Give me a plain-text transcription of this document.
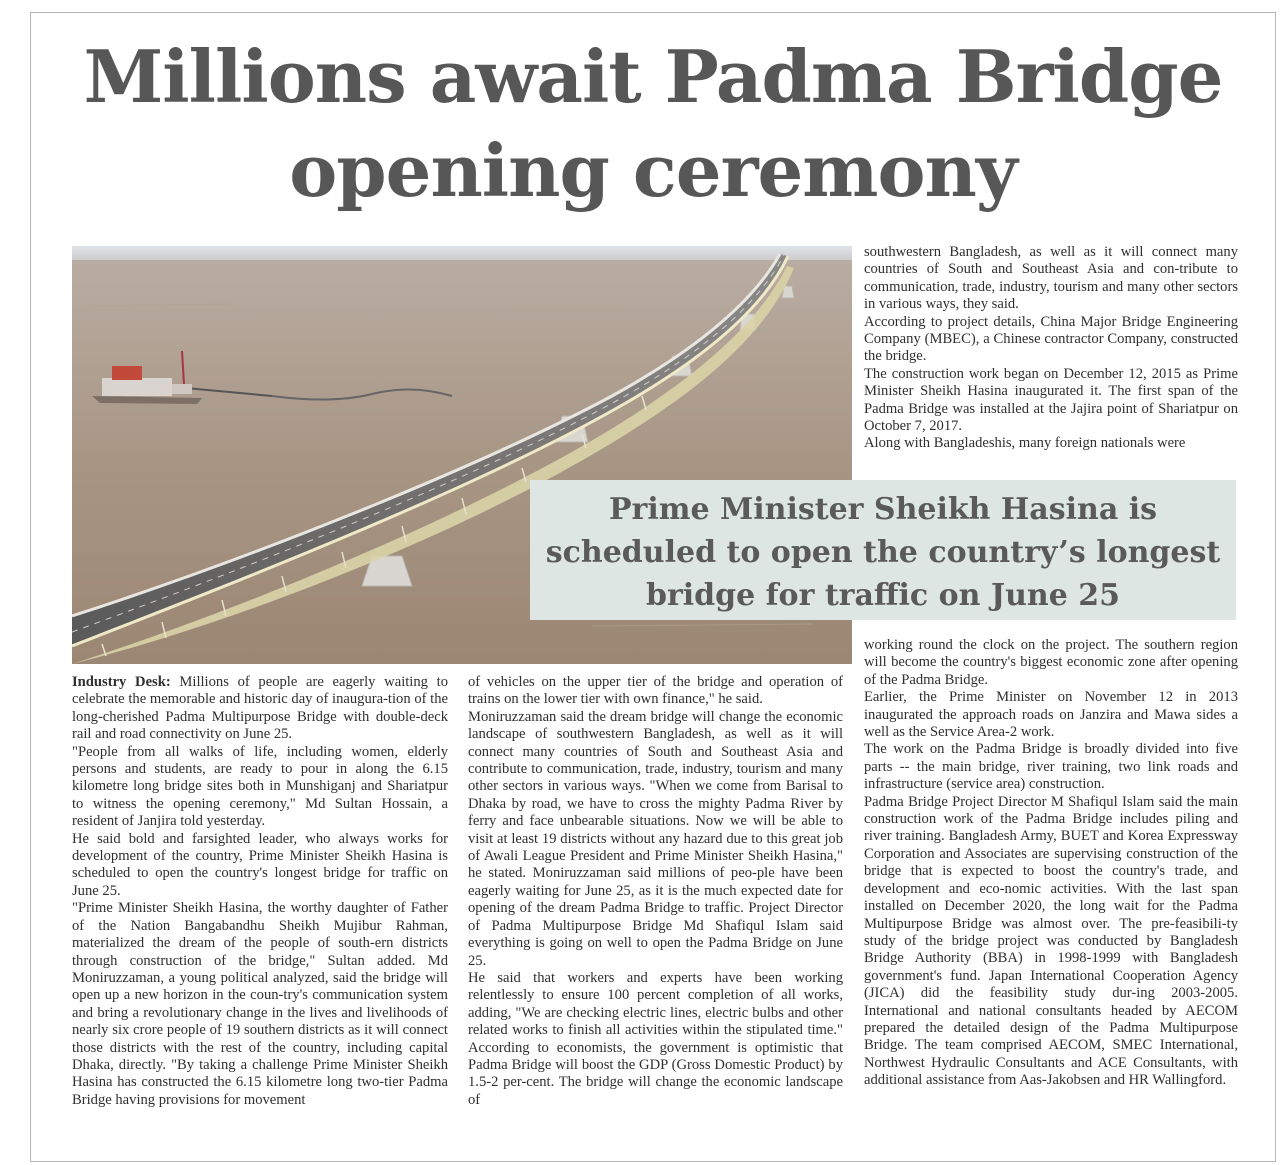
Millions await Padma Bridge opening ceremony
Prime Minister Sheikh Hasina is scheduled to open the country’s longest bridge for traffic on June 25

Industry Desk: Millions of people are eagerly waiting to celebrate the memorable and historic day of inaugura-tion of the long-cherished Padma Multipurpose Bridge with double-deck rail and road connectivity on June 25.

"People from all walks of life, including women, elderly persons and students, are ready to pour in along the 6.15 kilometre long bridge sites both in Munshiganj and Shariatpur to witness the opening ceremony," Md Sultan Hossain, a resident of Janjira told yesterday.

He said bold and farsighted leader, who always works for development of the country, Prime Minister Sheikh Hasina is scheduled to open the country's longest bridge for traffic on June 25.

"Prime Minister Sheikh Hasina, the worthy daughter of Father of the Nation Bangabandhu Sheikh Mujibur Rahman, materialized the dream of the people of south-ern districts through construction of the bridge," Sultan added. Md Moniruzzaman, a young political analyzed, said the bridge will open up a new horizon in the coun-try's communication system and bring a revolutionary change in the lives and livelihoods of nearly six crore people of 19 southern districts as it will connect those districts with the rest of the country, including capital Dhaka, directly. "By taking a challenge Prime Minister Sheikh Hasina has constructed the 6.15 kilometre long two-tier Padma Bridge having provisions for movement

of vehicles on the upper tier of the bridge and operation of trains on the lower tier with own finance," he said.

Moniruzzaman said the dream bridge will change the economic landscape of southwestern Bangladesh, as well as it will connect many countries of South and Southeast Asia and contribute to communication, trade, industry, tourism and many other sectors in various ways. "When we come from Barisal to Dhaka by road, we have to cross the mighty Padma River by ferry and face unbearable situations. Now we will be able to visit at least 19 districts without any hazard due to this great job of Awali League President and Prime Minister Sheikh Hasina," he stated. Moniruzzaman said millions of peo-ple have been eagerly waiting for June 25, as it is the much expected date for opening of the dream Padma Bridge to traffic. Project Director of Padma Multipurpose Bridge Md Shafiqul Islam said everything is going on well to open the Padma Bridge on June 25.

He said that workers and experts have been working relentlessly to ensure 100 percent completion of all works, adding, "We are checking electric lines, electric bulbs and other related works to finish all activities within the stipulated time." According to economists, the government is optimistic that Padma Bridge will boost the GDP (Gross Domestic Product) by 1.5-2 per-cent. The bridge will change the economic landscape of

southwestern Bangladesh, as well as it will connect many countries of South and Southeast Asia and con-tribute to communication, trade, industry, tourism and many other sectors in various ways, they said.

According to project details, China Major Bridge Engineering Company (MBEC), a Chinese contractor Company, constructed the bridge.

The construction work began on December 12, 2015 as Prime Minister Sheikh Hasina inaugurated it. The first span of the Padma Bridge was installed at the Jajira point of Shariatpur on October 7, 2017.

Along with Bangladeshis, many foreign nationals were

working round the clock on the project. The southern region will become the country's biggest economic zone after opening of the Padma Bridge.

Earlier, the Prime Minister on November 12 in 2013 inaugurated the approach roads on Janzira and Mawa sides a well as the Service Area-2 work.

The work on the Padma Bridge is broadly divided into five parts -- the main bridge, river training, two link roads and infrastructure (service area) construction.

Padma Bridge Project Director M Shafiqul Islam said the main construction work of the Padma Bridge includes piling and river training. Bangladesh Army, BUET and Korea Expressway Corporation and Associates are supervising construction of the bridge that is expected to boost the country's trade, and development and eco-nomic activities. With the last span installed on December 2020, the long wait for the Padma Multipurpose Bridge was almost over. The pre-feasibili-ty study of the bridge project was conducted by Bangladesh Bridge Authority (BBA) in 1998-1999 with Bangladesh government's fund. Japan International Cooperation Agency (JICA) did the feasibility study dur-ing 2003-2005. International and national consultants headed by AECOM prepared the detailed design of the Padma Multipurpose Bridge. The team comprised AECOM, SMEC International, Northwest Hydraulic Consultants and ACE Consultants, with additional assistance from Aas-Jakobsen and HR Wallingford.
